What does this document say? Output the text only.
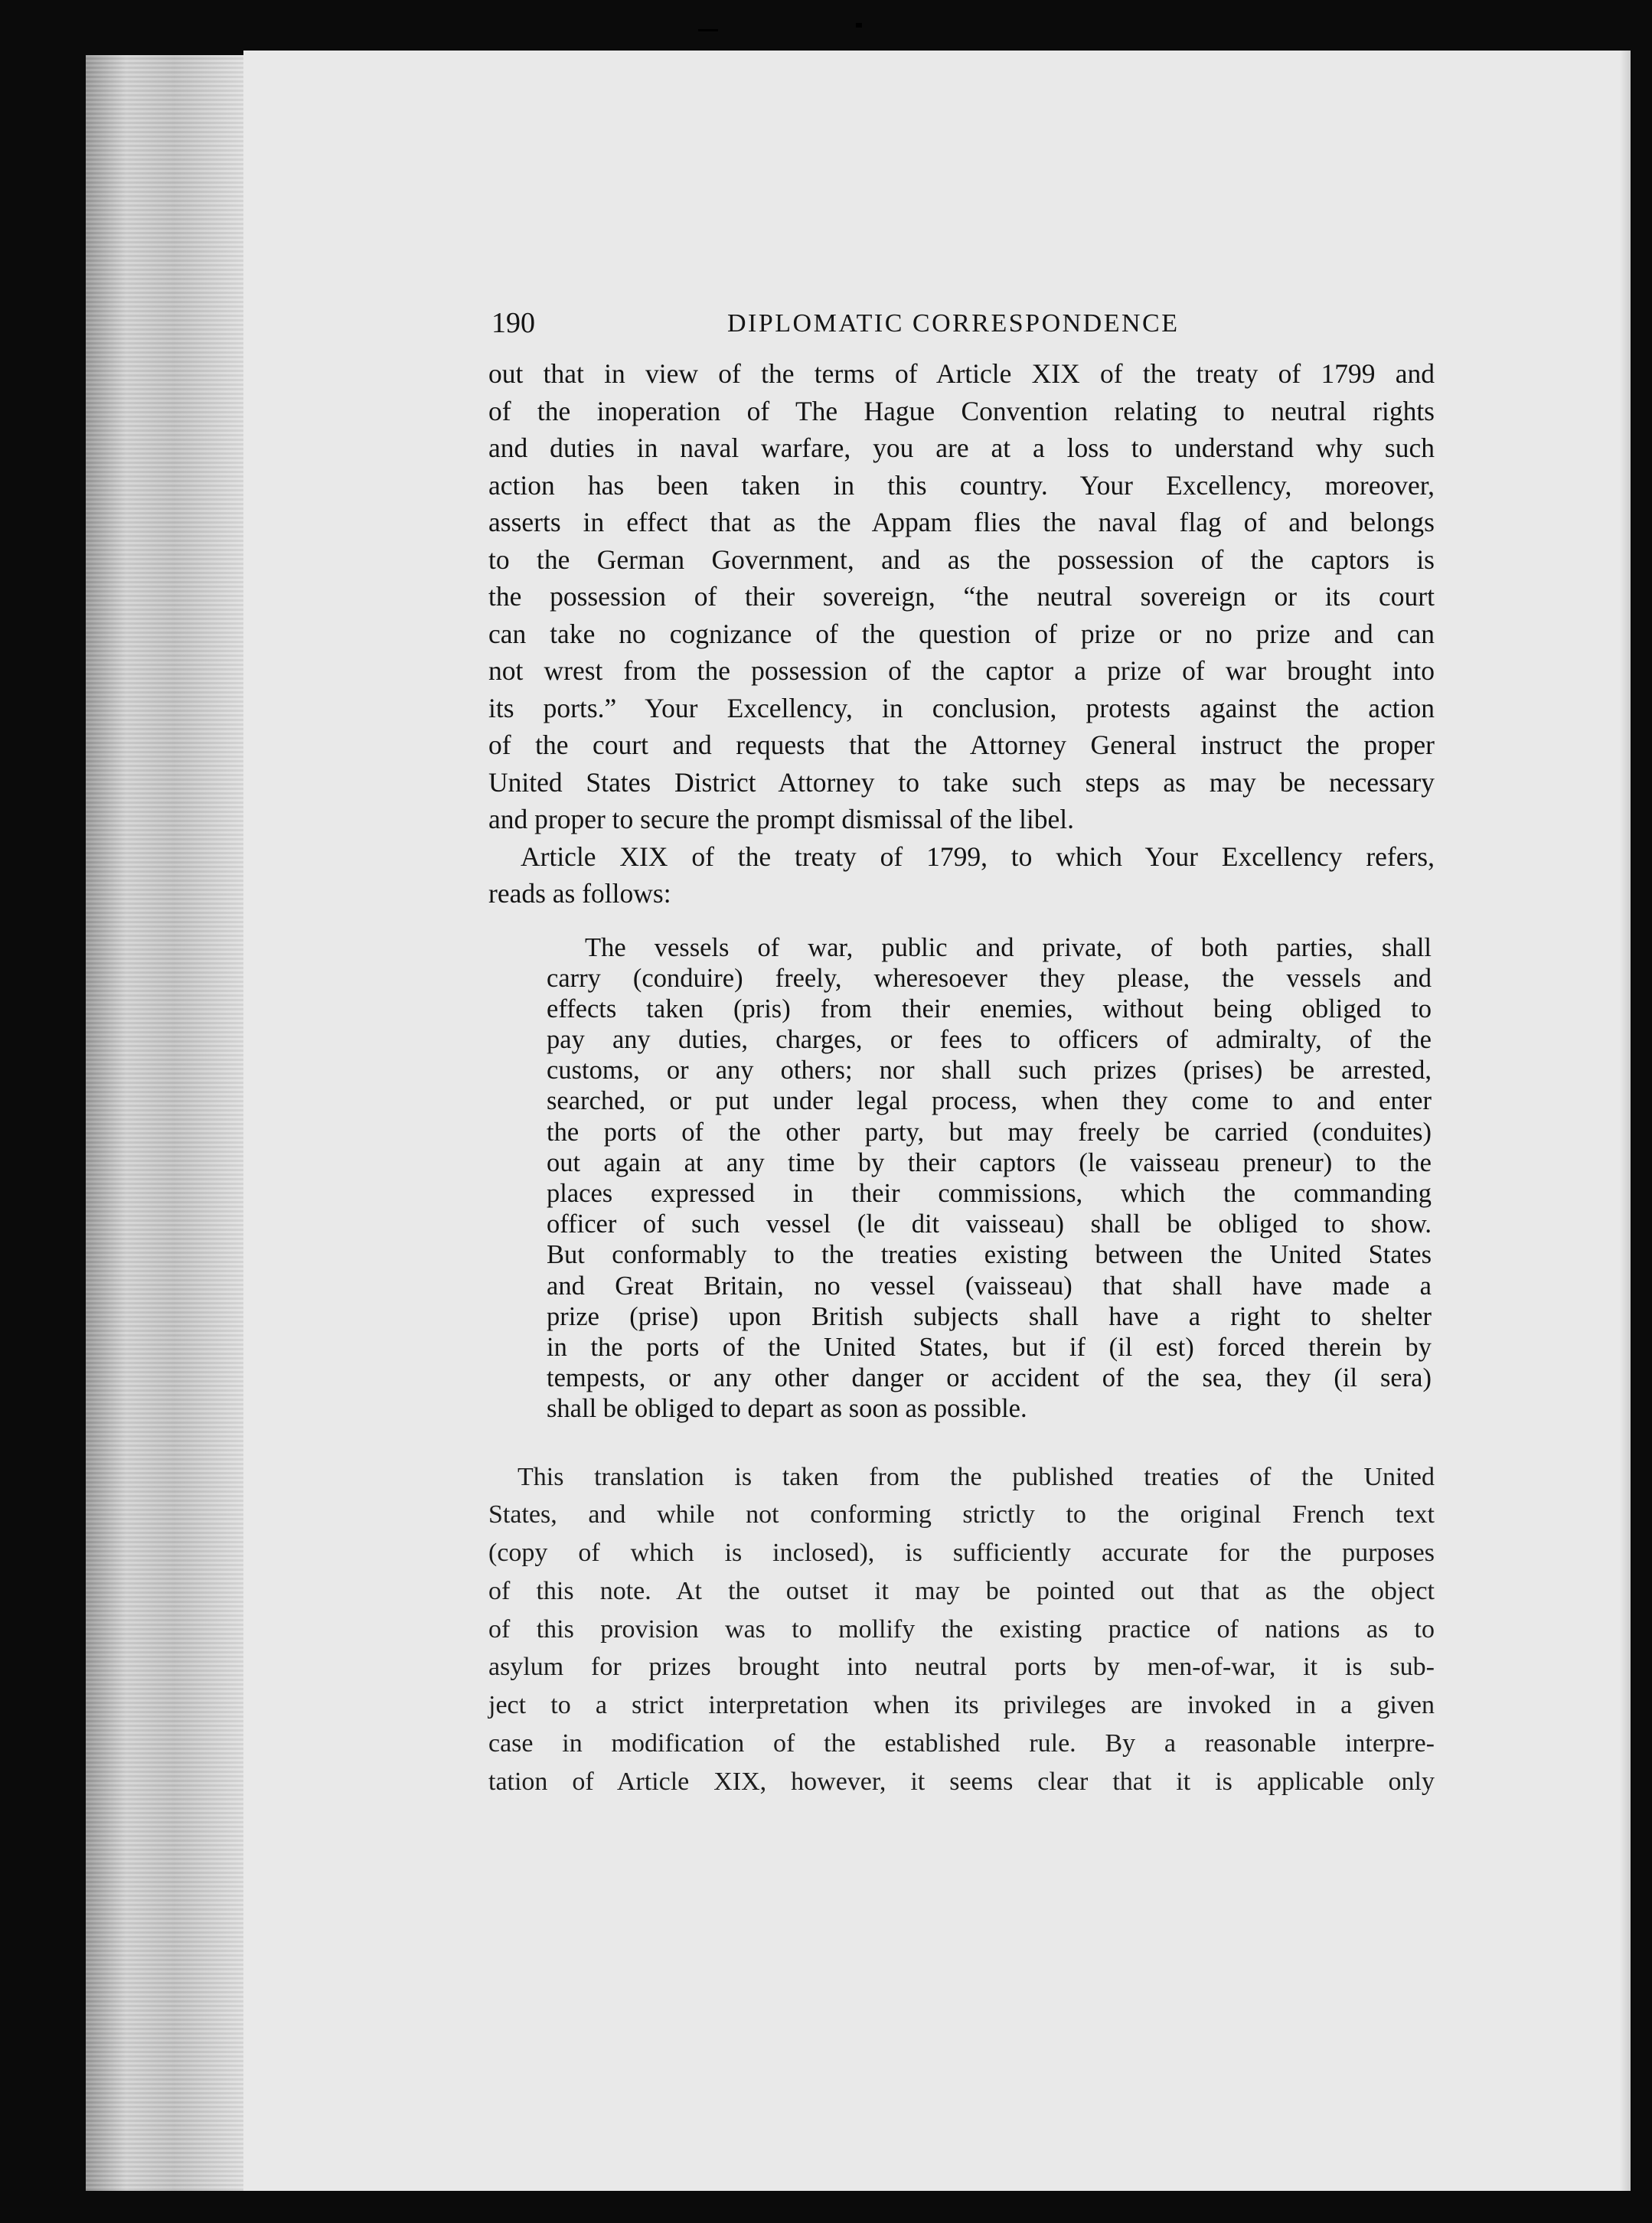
190	DIPLOMATIC CORRESPONDENCE
out that in view of the terms of Article XIX of the treaty of 1799 and
of the inoperation of The Hague Convention relating to neutral rights
and duties in naval warfare, you are at a loss to understand why such
action has been taken in this country. Your Excellency, moreover,
asserts in effect that as the Appam flies the naval flag of and belongs
to the German Government, and as the possession of the captors is
the possession of their sovereign, “the neutral sovereign or its court
can take no cognizance of the question of prize or no prize and can
not wrest from the possession of the captor a prize of war brought into
its ports.” Your Excellency, in conclusion, protests against the action
of the court and requests that the Attorney General instruct the proper
United States District Attorney to take such steps as may be necessary
and proper to secure the prompt dismissal of the libel.
Article XIX of the treaty of 1799, to which Your Excellency refers,
reads as follows:
The vessels of war, public and private, of both parties, shall
carry (conduire) freely, wheresoever they please, the vessels and
effects taken (pris) from their enemies, without being obliged to
pay any duties, charges, or fees to officers of admiralty, of the
customs, or any others; nor shall such prizes (prises) be arrested,
searched, or put under legal process, when they come to and enter
the ports of the other party, but may freely be carried (conduites)
out again at any time by their captors (le vaisseau preneur) to the
places expressed in their commissions, which the commanding
officer of such vessel (le dit vaisseau) shall be obliged to show.
But conformably to the treaties existing between the United States
and Great Britain, no vessel (vaisseau) that shall have made a
prize (prise) upon British subjects shall have a right to shelter
in the ports of the United States, but if (il est) forced therein by
tempests, or any other danger or accident of the sea, they (il sera)
shall be obliged to depart as soon as possible.
This translation is taken from the published treaties of the United
States, and while not conforming strictly to the original French text
(copy of which is inclosed), is sufficiently accurate for the purposes
of this note. At the outset it may be pointed out that as the object
of this provision was to mollify the existing practice of nations as to
asylum for prizes brought into neutral ports by men-of-war, it is sub-
ject to a strict interpretation when its privileges are invoked in a given
case in modification of the established rule. By a reasonable interpre-
tation of Article XIX, however, it seems clear that it is applicable only
